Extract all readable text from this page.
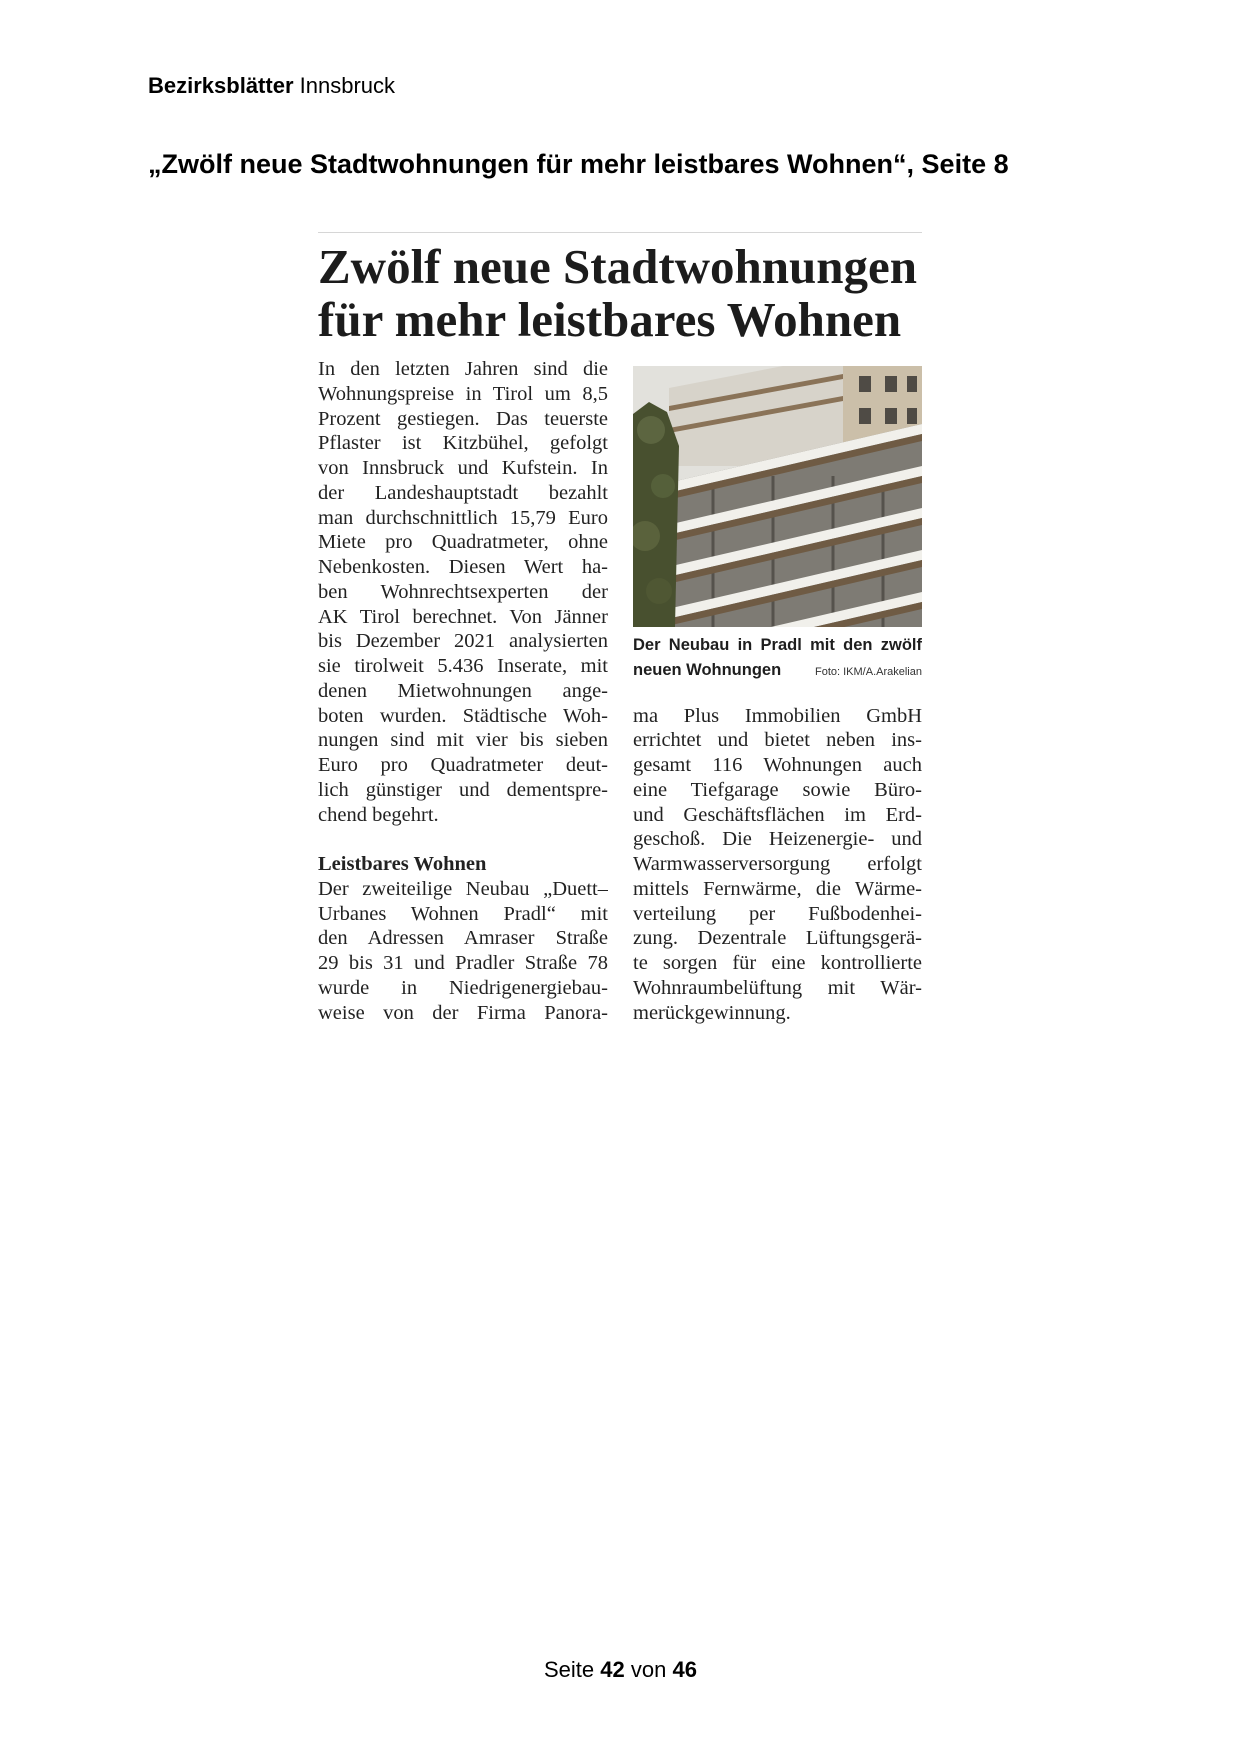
Bezirksblätter Innsbruck
„Zwölf neue Stadtwohnungen für mehr leistbares Wohnen“, Seite 8
Zwölf neue Stadtwohnungen
für mehr leistbares Wohnen
In den letzten Jahren sind die
Wohnungspreise in Tirol um 8,5
Prozent gestiegen. Das teuerste
Pflaster ist Kitzbühel, gefolgt
von Innsbruck und Kufstein. In
der Landeshauptstadt bezahlt
man durchschnittlich 15,79 Euro
Miete pro Quadratmeter, ohne
Nebenkosten. Diesen Wert ha-
ben Wohnrechtsexperten der
AK Tirol berechnet. Von Jänner
bis Dezember 2021 analysierten
sie tirolweit 5.436 Inserate, mit
denen Mietwohnungen ange-
boten wurden. Städtische Woh-
nungen sind mit vier bis sieben
Euro pro Quadratmeter deut-
lich günstiger und dementspre-
chend begehrt.
Leistbares Wohnen
Der zweiteilige Neubau „Duett–
Urbanes Wohnen Pradl“ mit
den Adressen Amraser Straße
29 bis 31 und Pradler Straße 78
wurde in Niedrigenergiebau-
weise von der Firma Panora-
Der Neubau in Pradl mit den zwölf
neuen Wohnungen	Foto: IKM/A.Arakelian
ma Plus Immobilien GmbH
errichtet und bietet neben ins-
gesamt 116 Wohnungen auch
eine Tiefgarage sowie Büro-
und Geschäftsflächen im Erd-
geschoß. Die Heizenergie- und
Warmwasserversorgung erfolgt
mittels Fernwärme, die Wärme-
verteilung per Fußbodenhei-
zung. Dezentrale Lüftungsgerä-
te sorgen für eine kontrollierte
Wohnraumbelüftung mit Wär-
merückgewinnung.
Seite 42 von 46
